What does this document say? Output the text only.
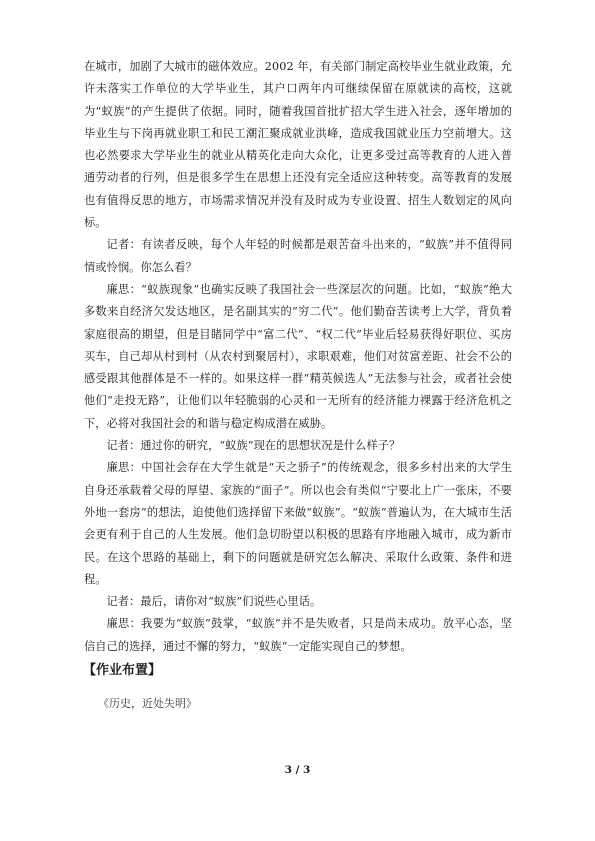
在城市，加剧了大城市的磁体效应。2002 年，有关部门制定高校毕业生就业政策，允许未落实工作单位的大学毕业生，其户口两年内可继续保留在原就读的高校，这就为“蚁族”的产生提供了依据。同时，随着我国首批扩招大学生进入社会，逐年增加的毕业生与下岗再就业职工和民工潮汇聚成就业洪峰，造成我国就业压力空前增大。这也必然要求大学毕业生的就业从精英化走向大众化，让更多受过高等教育的人进入普通劳动者的行列，但是很多学生在思想上还没有完全适应这种转变。高等教育的发展也有值得反思的地方，市场需求情况并没有及时成为专业设置、招生人数划定的风向标。

记者：有读者反映，每个人年轻的时候都是艰苦奋斗出来的，“蚁族”并不值得同情或怜悯。你怎么看？

廉思：“蚁族现象”也确实反映了我国社会一些深层次的问题。比如，“蚁族”绝大多数来自经济欠发达地区，是名副其实的“穷二代”。他们勤奋苦读考上大学，背负着家庭很高的期望，但是目睹同学中“富二代”、“权二代”毕业后轻易获得好职位、买房买车，自己却从村到村（从农村到聚居村），求职艰难，他们对贫富差距、社会不公的感受跟其他群体是不一样的。如果这样一群“精英候选人”无法参与社会，或者社会使他们“走投无路”，让他们以年轻脆弱的心灵和一无所有的经济能力裸露于经济危机之下，必将对我国社会的和谐与稳定构成潜在威胁。

记者：通过你的研究，“蚁族”现在的思想状况是什么样子？

廉思：中国社会存在大学生就是“天之骄子”的传统观念，很多乡村出来的大学生自身还承载着父母的厚望、家族的“面子”。所以也会有类似“宁要北上广一张床，不要外地一套房”的想法，迫使他们选择留下来做“蚁族”。“蚁族”普遍认为，在大城市生活会更有利于自己的人生发展。他们急切盼望以积极的思路有序地融入城市，成为新市民。在这个思路的基础上，剩下的问题就是研究怎么解决、采取什么政策、条件和进程。

记者：最后，请你对“蚁族”们说些心里话。

廉思：我要为“蚁族”鼓掌，“蚁族”并不是失败者，只是尚未成功。放平心态，坚信自己的选择，通过不懈的努力，“蚁族”一定能实现自己的梦想。

【作业布置】
《历史，近处失明》
3 / 3
